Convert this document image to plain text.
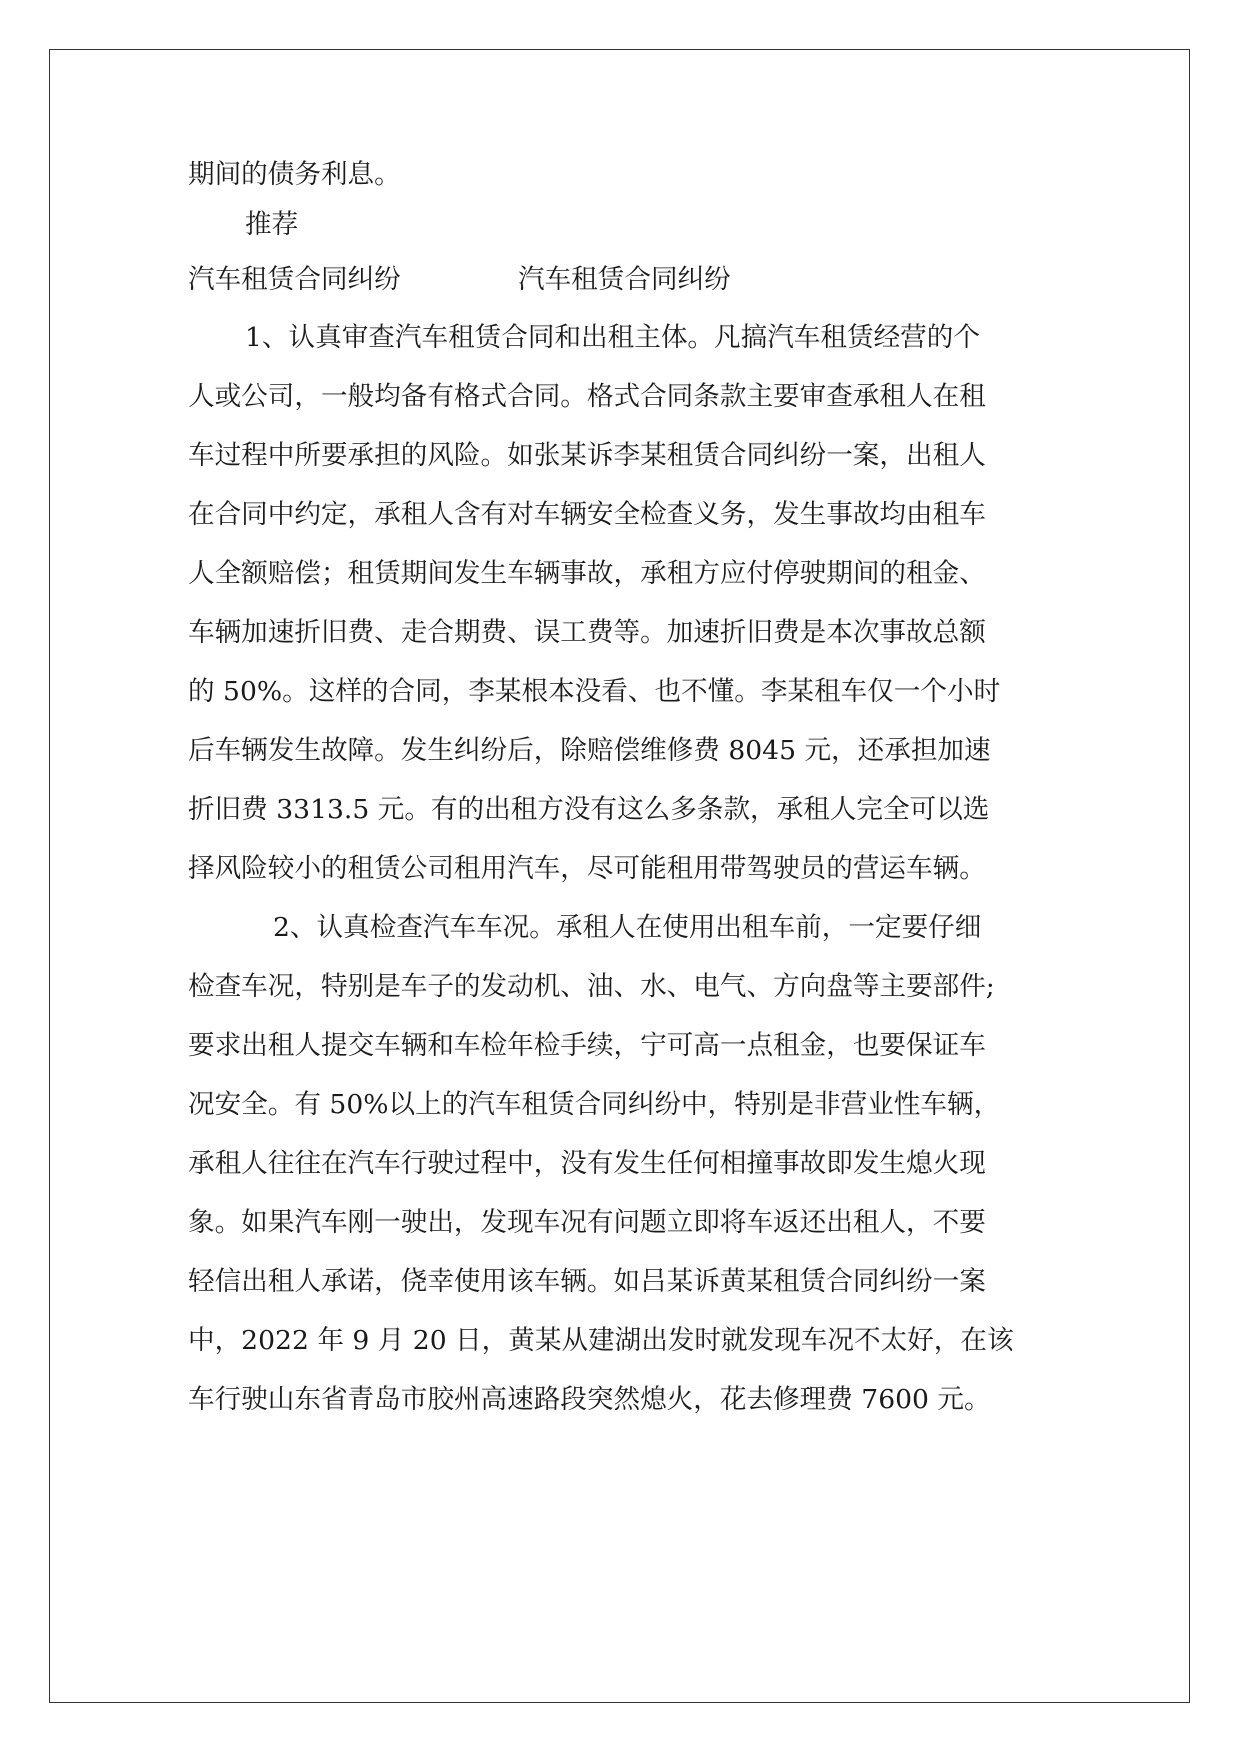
期间的债务利息。
推荐
汽车租赁合同纠纷	汽车租赁合同纠纷
1、认真审查汽车租赁合同和出租主体。凡搞汽车租赁经营的个
人或公司，一般均备有格式合同。格式合同条款主要审查承租人在租
车过程中所要承担的风险。如张某诉李某租赁合同纠纷一案，出租人
在合同中约定，承租人含有对车辆安全检查义务，发生事故均由租车
人全额赔偿；租赁期间发生车辆事故，承租方应付停驶期间的租金、
车辆加速折旧费、走合期费、误工费等。加速折旧费是本次事故总额
的 50%。这样的合同，李某根本没看、也不懂。李某租车仅一个小时
后车辆发生故障。发生纠纷后，除赔偿维修费 8045 元，还承担加速
折旧费 3313.5 元。有的出租方没有这么多条款，承租人完全可以选
择风险较小的租赁公司租用汽车，尽可能租用带驾驶员的营运车辆。
2、认真检查汽车车况。承租人在使用出租车前，一定要仔细
检查车况，特别是车子的发动机、油、水、电气、方向盘等主要部件;
要求出租人提交车辆和车检年检手续，宁可高一点租金，也要保证车
况安全。有 50%以上的汽车租赁合同纠纷中，特别是非营业性车辆，
承租人往往在汽车行驶过程中，没有发生任何相撞事故即发生熄火现
象。如果汽车刚一驶出，发现车况有问题立即将车返还出租人，不要
轻信出租人承诺，侥幸使用该车辆。如吕某诉黄某租赁合同纠纷一案
中，2022 年 9 月 20 日，黄某从建湖出发时就发现车况不太好，在该
车行驶山东省青岛市胶州高速路段突然熄火，花去修理费 7600 元。
